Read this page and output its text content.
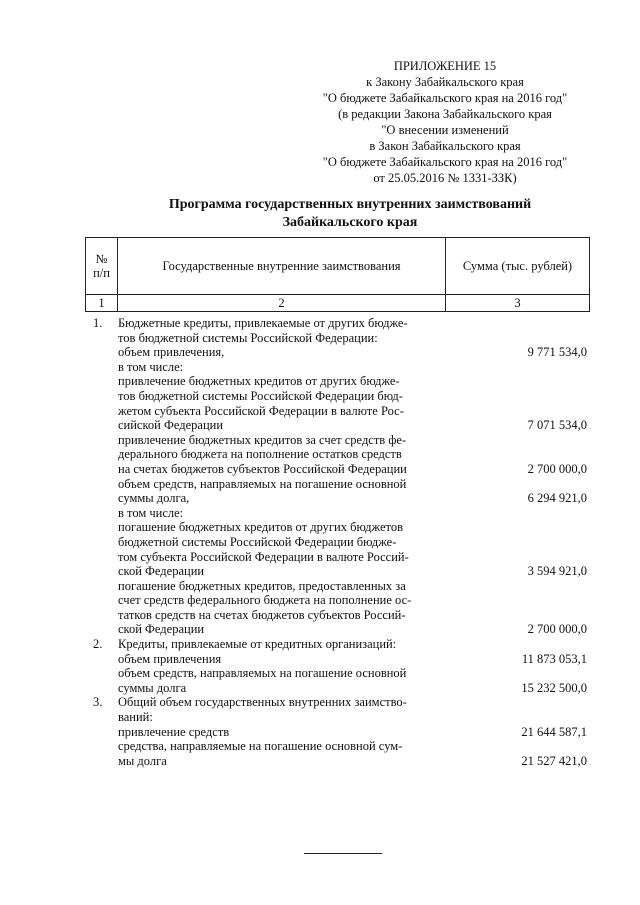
ПРИЛОЖЕНИЕ 15
к Закону Забайкальского края
"О бюджете Забайкальского края на 2016 год"
(в редакции Закона Забайкальского края
"О внесении изменений
в Закон Забайкальского края
"О бюджете Забайкальского края на 2016 год"
от 25.05.2016 № 1331-ЗЗК)
Программа государственных внутренних заимствований
Забайкальского края
№
п/п	Государственные внутренние заимствования	Сумма (тыс. рублей)
1	2	3
1. Бюджетные кредиты, привлекаемые от других бюдже-
тов бюджетной системы Российской Федерации:
объем привлечения,	9 771 534,0
в том числе:
привлечение бюджетных кредитов от других бюдже-
тов бюджетной системы Российской Федерации бюд-
жетом субъекта Российской Федерации в валюте Рос-
сийской Федерации	7 071 534,0
привлечение бюджетных кредитов за счет средств фе-
дерального бюджета на пополнение остатков средств
на счетах бюджетов субъектов Российской Федерации	2 700 000,0
объем средств, направляемых на погашение основной
суммы долга,	6 294 921,0
в том числе:
погашение бюджетных кредитов от других бюджетов
бюджетной системы Российской Федерации бюдже-
том субъекта Российской Федерации в валюте Россий-
ской Федерации	3 594 921,0
погашение бюджетных кредитов, предоставленных за
счет средств федерального бюджета на пополнение ос-
татков средств на счетах бюджетов субъектов Россий-
ской Федерации	2 700 000,0
2. Кредиты, привлекаемые от кредитных организаций:
объем привлечения	11 873 053,1
объем средств, направляемых на погашение основной
суммы долга	15 232 500,0
3. Общий объем государственных внутренних заимство-
ваний:
привлечение средств	21 644 587,1
средства, направляемые на погашение основной сум-
мы долга	21 527 421,0
